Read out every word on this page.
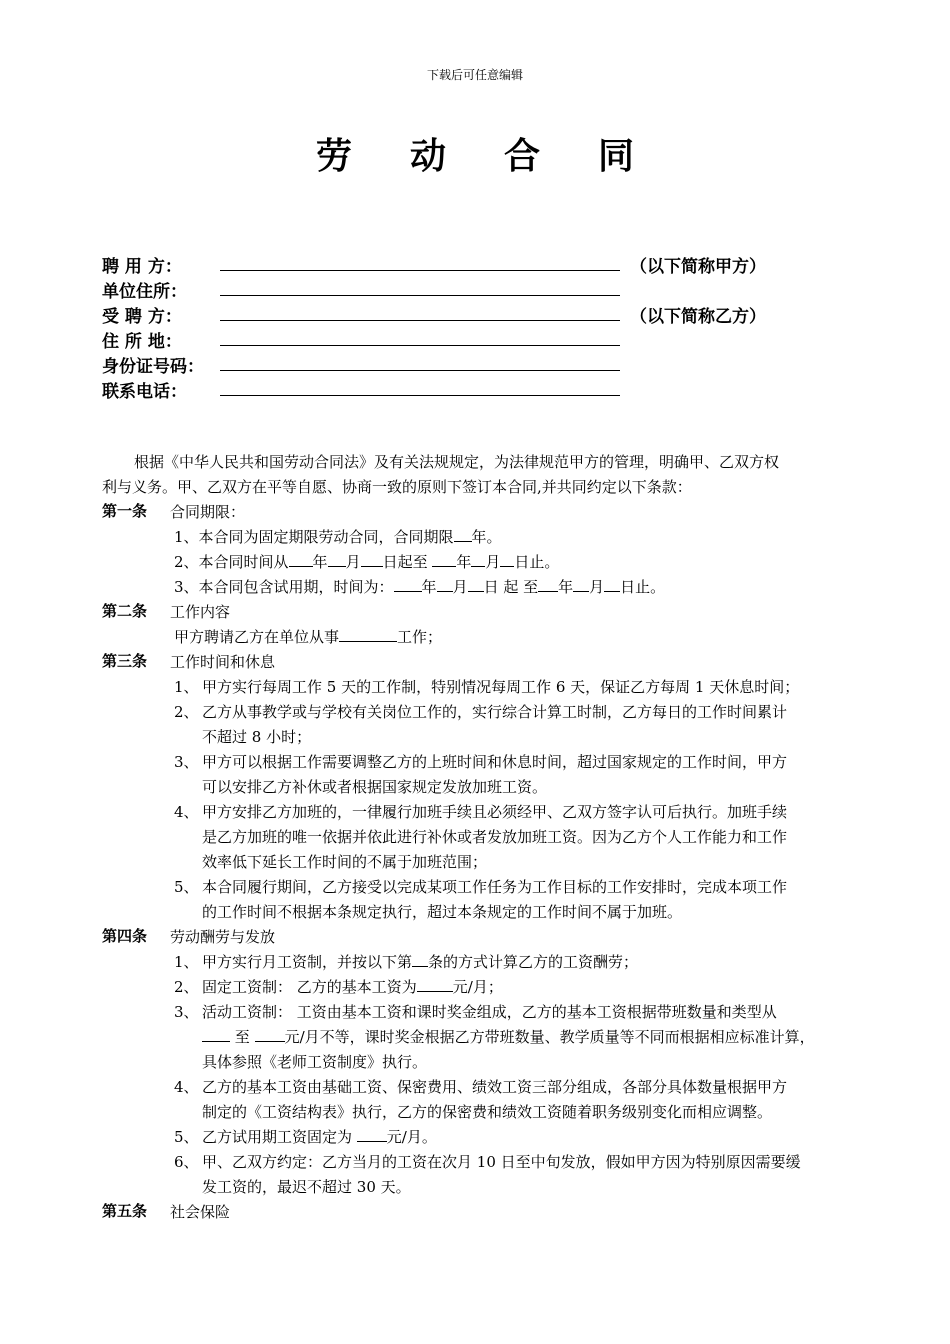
下载后可任意编辑
劳动合同
聘 用 方：	（以下简称甲方）
单位住所：
受 聘 方：	（以下简称乙方）
住 所 地：
身份证号码：
联系电话：
根据《中华人民共和国劳动合同法》及有关法规规定，为法律规范甲方的管理，明确甲、乙双方权
利与义务。甲、乙双方在平等自愿、协商一致的原则下签订本合同,并共同约定以下条款：
第一条 合同期限：
1、本合同为固定期限劳动合同，合同期限 年。
2、本合同时间从 年 月 日起至 年 月 日止。
3、本合同包含试用期，时间为： 年 月 日 起 至 年 月 日止。
第二条 工作内容
甲方聘请乙方在单位从事	工作；
第三条 工作时间和休息
1、 甲方实行每周工作 5 天的工作制，特别情况每周工作 6 天，保证乙方每周 1 天休息时间；
2、 乙方从事教学或与学校有关岗位工作的，实行综合计算工时制，乙方每日的工作时间累计
不超过 8 小时；
3、 甲方可以根据工作需要调整乙方的上班时间和休息时间，超过国家规定的工作时间，甲方
可以安排乙方补休或者根据国家规定发放加班工资。
4、 甲方安排乙方加班的，一律履行加班手续且必须经甲、乙双方签字认可后执行。加班手续
是乙方加班的唯一依据并依此进行补休或者发放加班工资。因为乙方个人工作能力和工作
效率低下延长工作时间的不属于加班范围；
5、 本合同履行期间，乙方接受以完成某项工作任务为工作目标的工作安排时，完成本项工作
的工作时间不根据本条规定执行，超过本条规定的工作时间不属于加班。
第四条 劳动酬劳与发放
1、 甲方实行月工资制，并按以下第 条的方式计算乙方的工资酬劳；
2、 固定工资制： 乙方的基本工资为 元/月；
3、 活动工资制： 工资由基本工资和课时奖金组成，乙方的基本工资根据带班数量和类型从
至 元/月不等，课时奖金根据乙方带班数量、教学质量等不同而根据相应标准计算，
具体参照《老师工资制度》执行。
4、 乙方的基本工资由基础工资、保密费用、绩效工资三部分组成，各部分具体数量根据甲方
制定的《工资结构表》执行，乙方的保密费和绩效工资随着职务级别变化而相应调整。
5、 乙方试用期工资固定为 元/月。
6、 甲、乙双方约定：乙方当月的工资在次月 10 日至中旬发放，假如甲方因为特别原因需要缓
发工资的，最迟不超过 30 天。
第五条 社会保险
